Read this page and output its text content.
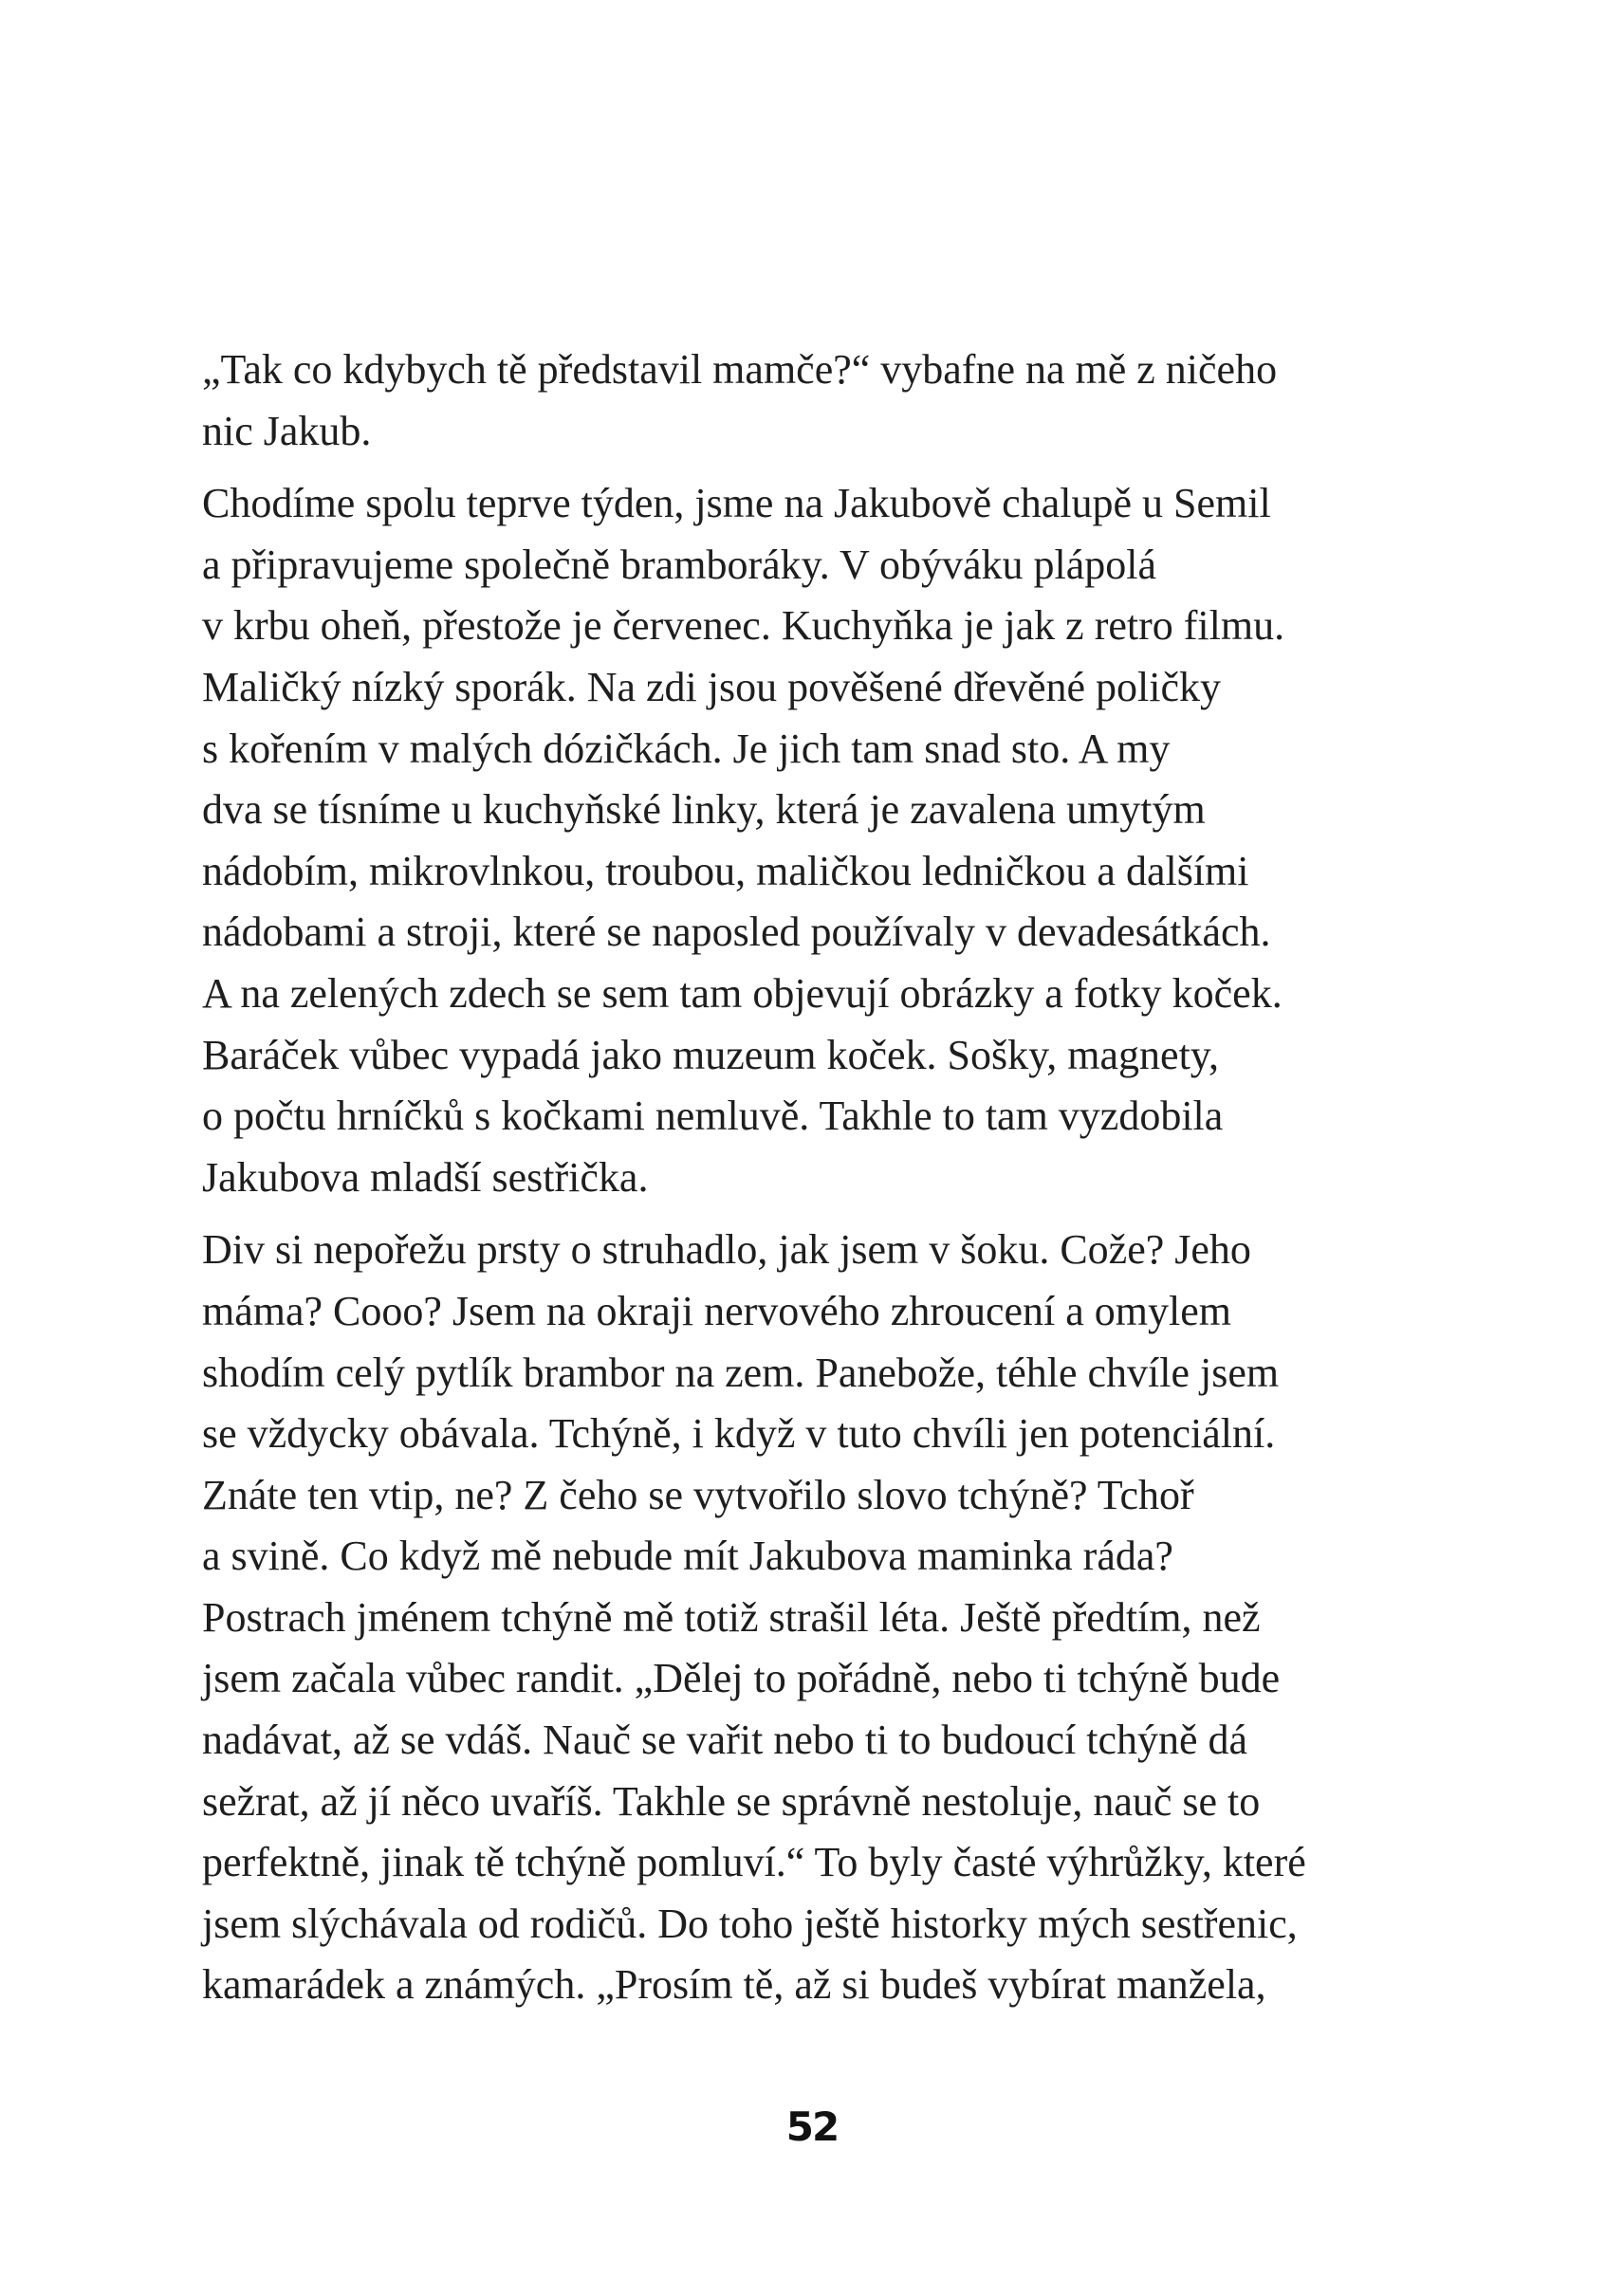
„Tak co kdybych tě představil mamče?“ vybafne na mě z ničeho
nic Jakub.
Chodíme spolu teprve týden, jsme na Jakubově chalupě u Semil
a připravujeme společně bramboráky. V obýváku plápolá
v krbu oheň, přestože je červenec. Kuchyňka je jak z retro filmu.
Maličký nízký sporák. Na zdi jsou pověšené dřevěné poličky
s kořením v malých dózičkách. Je jich tam snad sto. A my
dva se tísníme u kuchyňské linky, která je zavalena umytým
nádobím, mikrovlnkou, troubou, maličkou ledničkou a dalšími
nádobami a stroji, které se naposled používaly v devadesátkách.
A na zelených zdech se sem tam objevují obrázky a fotky koček.
Baráček vůbec vypadá jako muzeum koček. Sošky, magnety,
o počtu hrníčků s kočkami nemluvě. Takhle to tam vyzdobila
Jakubova mladší sestřička.
Div si nepořežu prsty o struhadlo, jak jsem v šoku. Cože? Jeho
máma? Cooo? Jsem na okraji nervového zhroucení a omylem
shodím celý pytlík brambor na zem. Panebože, téhle chvíle jsem
se vždycky obávala. Tchýně, i když v tuto chvíli jen potenciální.
Znáte ten vtip, ne? Z čeho se vytvořilo slovo tchýně? Tchoř
a svině. Co když mě nebude mít Jakubova maminka ráda?
Postrach jménem tchýně mě totiž strašil léta. Ještě předtím, než
jsem začala vůbec randit. „Dělej to pořádně, nebo ti tchýně bude
nadávat, až se vdáš. Nauč se vařit nebo ti to budoucí tchýně dá
sežrat, až jí něco uvaříš. Takhle se správně nestoluje, nauč se to
perfektně, jinak tě tchýně pomluví.“ To byly časté výhrůžky, které
jsem slýchávala od rodičů. Do toho ještě historky mých sestřenic,
kamarádek a známých. „Prosím tě, až si budeš vybírat manžela,
52
